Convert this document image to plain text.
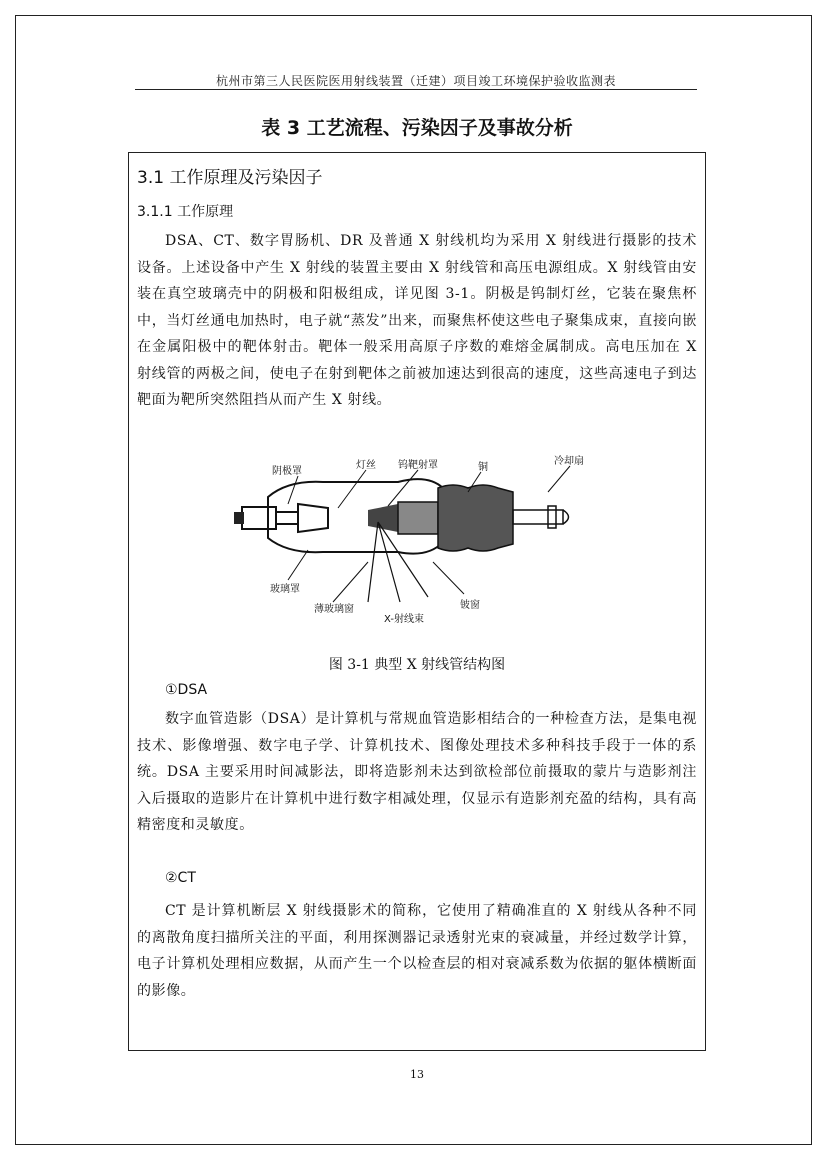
杭州市第三人民医院医用射线装置（迁建）项目竣工环境保护验收监测表
表 3 工艺流程、污染因子及事故分析
3.1 工作原理及污染因子
3.1.1 工作原理

DSA、CT、数字胃肠机、DR 及普通 X 射线机均为采用 X 射线进行摄影的技术设备。上述设备中产生 X 射线的装置主要由 X 射线管和高压电源组成。X 射线管由安装在真空玻璃壳中的阴极和阳极组成，详见图 3-1。阴极是钨制灯丝，它装在聚焦杯中，当灯丝通电加热时，电子就“蒸发”出来，而聚焦杯使这些电子聚集成束，直接向嵌在金属阳极中的靶体射击。靶体一般采用高原子序数的难熔金属制成。高电压加在 X 射线管的两极之间，使电子在射到靶体之前被加速达到很高的速度，这些高速电子到达靶面为靶所突然阻挡从而产生 X 射线。

阴极罩
灯丝 钨靶射罩	铜
冷却扇
玻璃罩
薄玻璃窗
X-射线束
铍窗
图 3-1 典型 X 射线管结构图
①DSA

数字血管造影（DSA）是计算机与常规血管造影相结合的一种检查方法，是集电视技术、影像增强、数字电子学、计算机技术、图像处理技术多种科技手段于一体的系统。DSA 主要采用时间减影法，即将造影剂未达到欲检部位前摄取的蒙片与造影剂注入后摄取的造影片在计算机中进行数字相减处理，仅显示有造影剂充盈的结构，具有高精密度和灵敏度。

②CT

CT 是计算机断层 X 射线摄影术的简称，它使用了精确准直的 X 射线从各种不同的离散角度扫描所关注的平面，利用探测器记录透射光束的衰减量，并经过数学计算，电子计算机处理相应数据，从而产生一个以检查层的相对衰减系数为依据的躯体横断面的影像。

13
